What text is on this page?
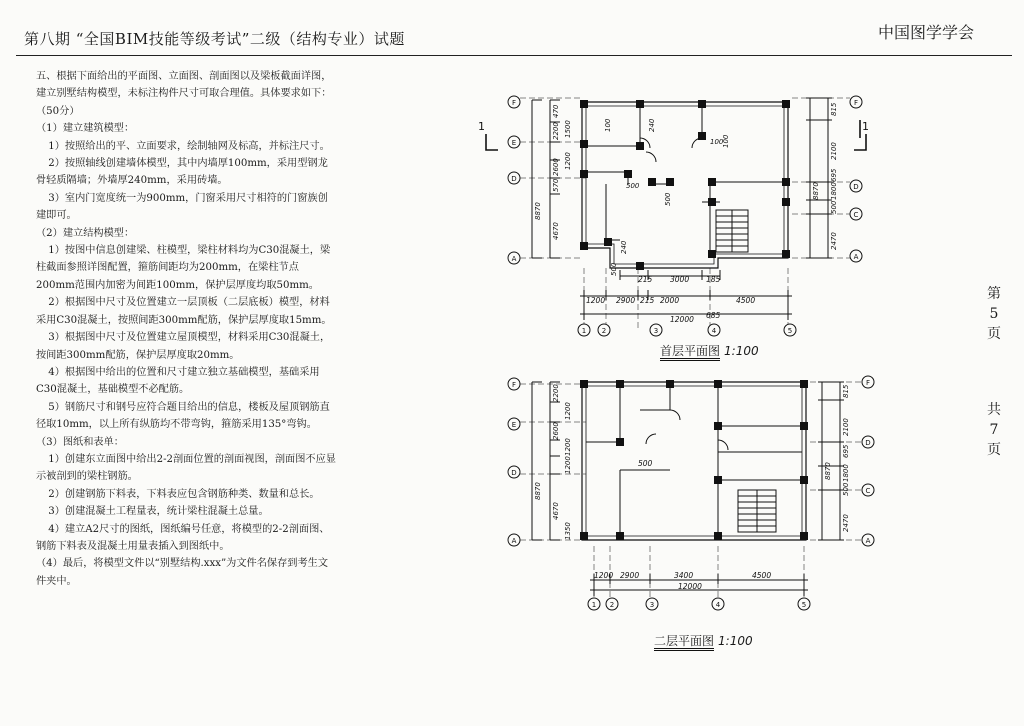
第八期 “全国BIM技能等级考试”二级（结构专业）试题	中国图学学会

五、根据下面给出的平面图、立面图、剖面图以及梁板截面详图，建立别墅结构模型，未标注构件尺寸可取合理值。具体要求如下：（50分）

（1）建立建筑模型：

1）按照给出的平、立面要求，绘制轴网及标高，并标注尺寸。

2）按照轴线创建墙体模型，其中内墙厚100mm，采用型钢龙骨轻质隔墙；外墙厚240mm，采用砖墙。

3）室内门宽度统一为900mm，门窗采用尺寸相符的门窗族创建即可。

（2）建立结构模型：

1）按图中信息创建梁、柱模型，梁柱材料均为C30混凝土，梁柱截面参照详图配置，箍筋间距均为200mm，在梁柱节点200mm范围内加密为间距100mm，保护层厚度均取50mm。

2）根据图中尺寸及位置建立一层顶板（二层底板）模型，材料采用C30混凝土，按照间距300mm配筋，保护层厚度取15mm。

3）根据图中尺寸及位置建立屋顶模型，材料采用C30混凝土，按间距300mm配筋，保护层厚度取20mm。

4）根据图中给出的位置和尺寸建立独立基础模型，基础采用C30混凝土，基础模型不必配筋。

5）钢筋尺寸和钢号应符合题目给出的信息，楼板及屋顶钢筋直径取10mm，以上所有纵筋均不带弯钩，箍筋采用135°弯钩。

（3）图纸和表单：

1）创建东立面图中给出2-2剖面位置的剖面视图，剖面图不应显示被剖到的梁柱钢筋。

2）创建钢筋下料表，下料表应包含钢筋种类、数量和总长。

3）创建混凝土工程量表，统计梁柱混凝土总量。

4）建立A2尺寸的图纸，图纸编号任意，将模型的2-2剖面图、钢筋下料表及混凝土用量表插入到图纸中。

（4）最后，将模型文件以“别墅结构.xxx”为文件名保存到考生文件夹中。

第
5
页
共
7
页
F
E
D
A
F
D
C
A
1 2	3	4	5
1200 2900 215 2000	4500
12000
215 3000 185
685
8870
470
2200 1500
2600 1200
570
4670
8870
815
2100
695
1800
500
2470
100	240
100
500
240
500
100
500
1	1
首层平面图 1:100
F
E
D
A
F
D
C
A
1 2	3	4	5
1200 2900	3400	4500
12000
500
8870
2200
1200
2600
1200
1200
4670
1350
8870
815
2100
695
1800
500
2470
二层平面图 1:100
